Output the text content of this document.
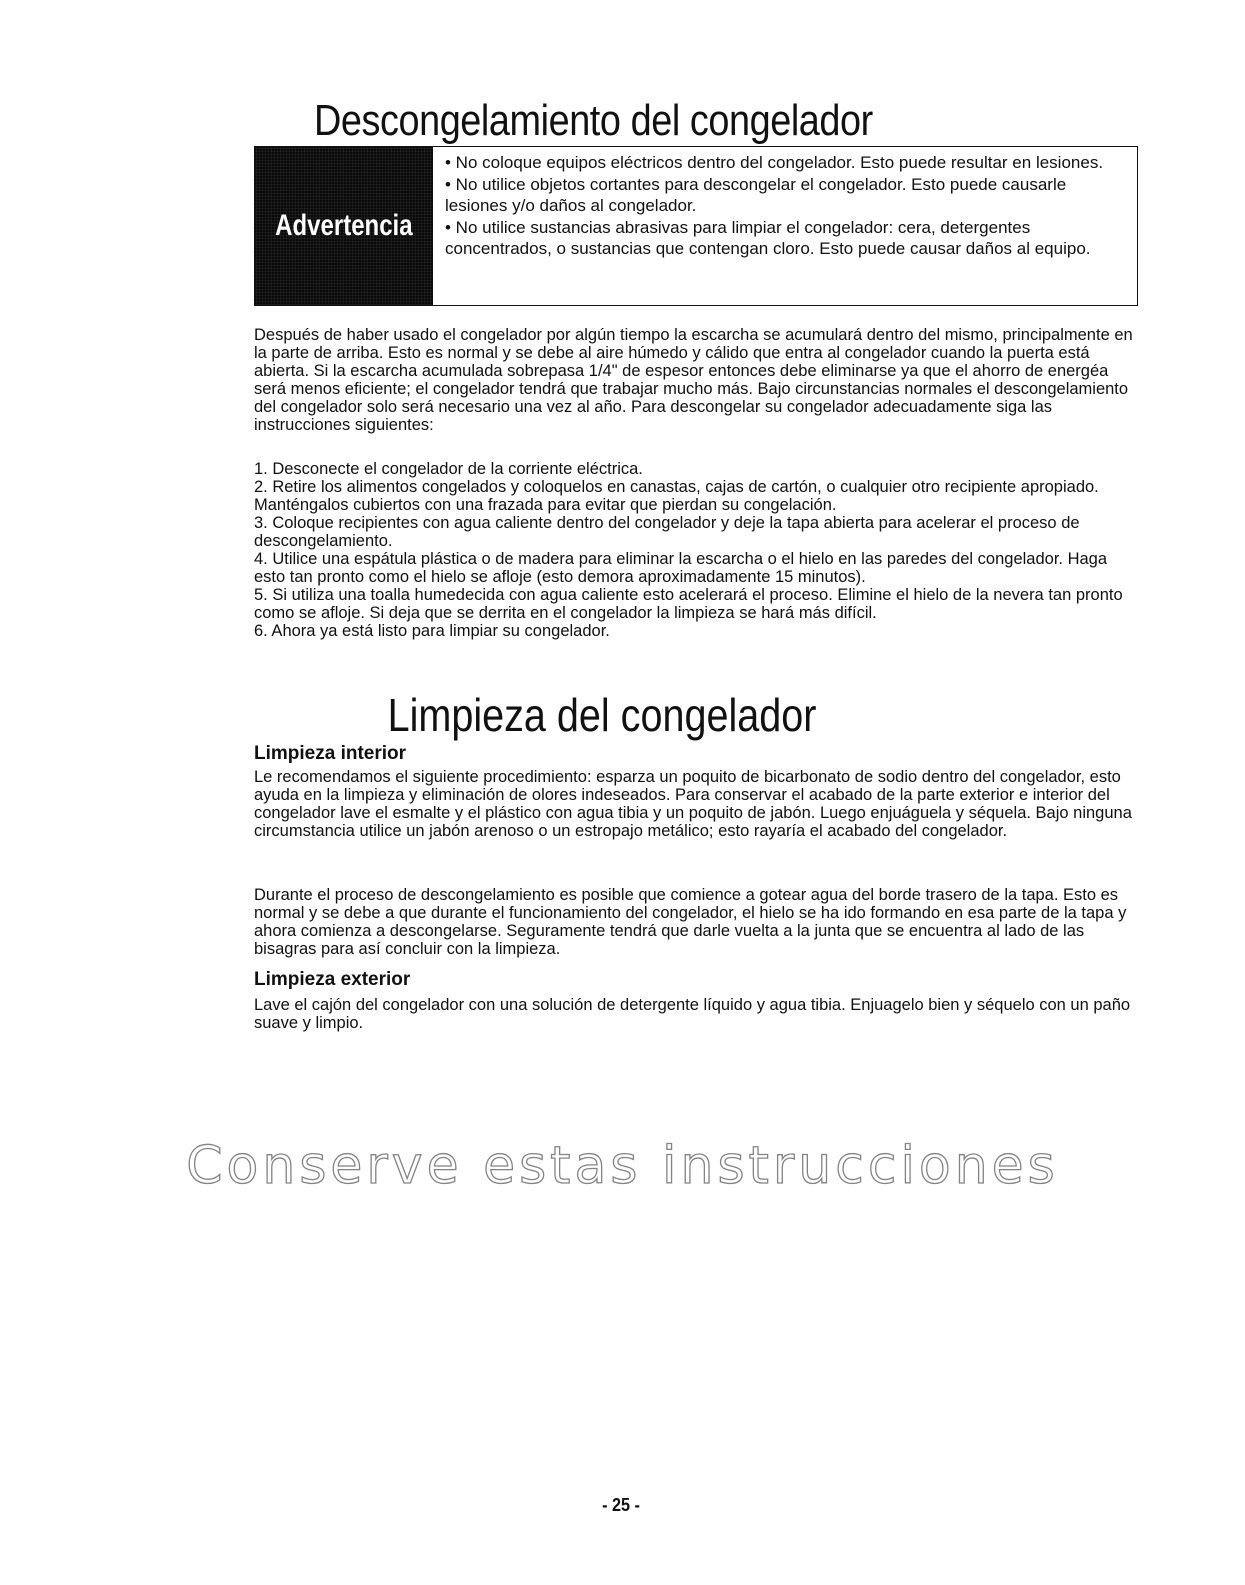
Descongelamiento del congelador
Advertencia

• No coloque equipos eléctricos dentro del congelador. Esto puede resultar en lesiones.

• No utilice objetos cortantes para descongelar el congelador. Esto puede causarle lesiones y/o daños al congelador.

• No utilice sustancias abrasivas para limpiar el congelador: cera, detergentes concentrados, o sustancias que contengan cloro. Esto puede causar daños al equipo.

Después de haber usado el congelador por algún tiempo la escarcha se acumulará dentro del mismo, principalmente en la parte de arriba. Esto es normal y se debe al aire húmedo y cálido que entra al congelador cuando la puerta está abierta. Si la escarcha acumulada sobrepasa 1/4" de espesor entonces debe eliminarse ya que el ahorro de energéa será menos eficiente; el congelador tendrá que trabajar mucho más. Bajo circunstancias normales el descongelamiento del congelador solo será necesario una vez al año. Para descongelar su congelador adecuadamente siga las instrucciones siguientes:

1. Desconecte el congelador de la corriente eléctrica.

2. Retire los alimentos congelados y coloquelos en canastas, cajas de cartón, o cualquier otro recipiente apropiado. Manténgalos cubiertos con una frazada para evitar que pierdan su congelación.

3. Coloque recipientes con agua caliente dentro del congelador y deje la tapa abierta para acelerar el proceso de descongelamiento.

4. Utilice una espátula plástica o de madera para eliminar la escarcha o el hielo en las paredes del congelador. Haga esto tan pronto como el hielo se afloje (esto demora aproximadamente 15 minutos).

5. Si utiliza una toalla humedecida con agua caliente esto acelerará el proceso. Elimine el hielo de la nevera tan pronto como se afloje. Si deja que se derrita en el congelador la limpieza se hará más difícil.

6. Ahora ya está listo para limpiar su congelador.

Limpieza del congelador
Limpieza interior

Le recomendamos el siguiente procedimiento: esparza un poquito de bicarbonato de sodio dentro del congelador, esto ayuda en la limpieza y eliminación de olores indeseados. Para conservar el acabado de la parte exterior e interior del congelador lave el esmalte y el plástico con agua tibia y un poquito de jabón. Luego enjuáguela y séquela. Bajo ninguna circumstancia utilice un jabón arenoso o un estropajo metálico; esto rayaría el acabado del congelador.

Durante el proceso de descongelamiento es posible que comience a gotear agua del borde trasero de la tapa. Esto es normal y se debe a que durante el funcionamiento del congelador, el hielo se ha ido formando en esa parte de la tapa y ahora comienza a descongelarse. Seguramente tendrá que darle vuelta a la junta que se encuentra al lado de las bisagras para así concluir con la limpieza.

Limpieza exterior

Lave el cajón del congelador con una solución de detergente líquido y agua tibia. Enjuagelo bien y séquelo con un paño suave y limpio.

Conserve estas instrucciones
- 25 -
